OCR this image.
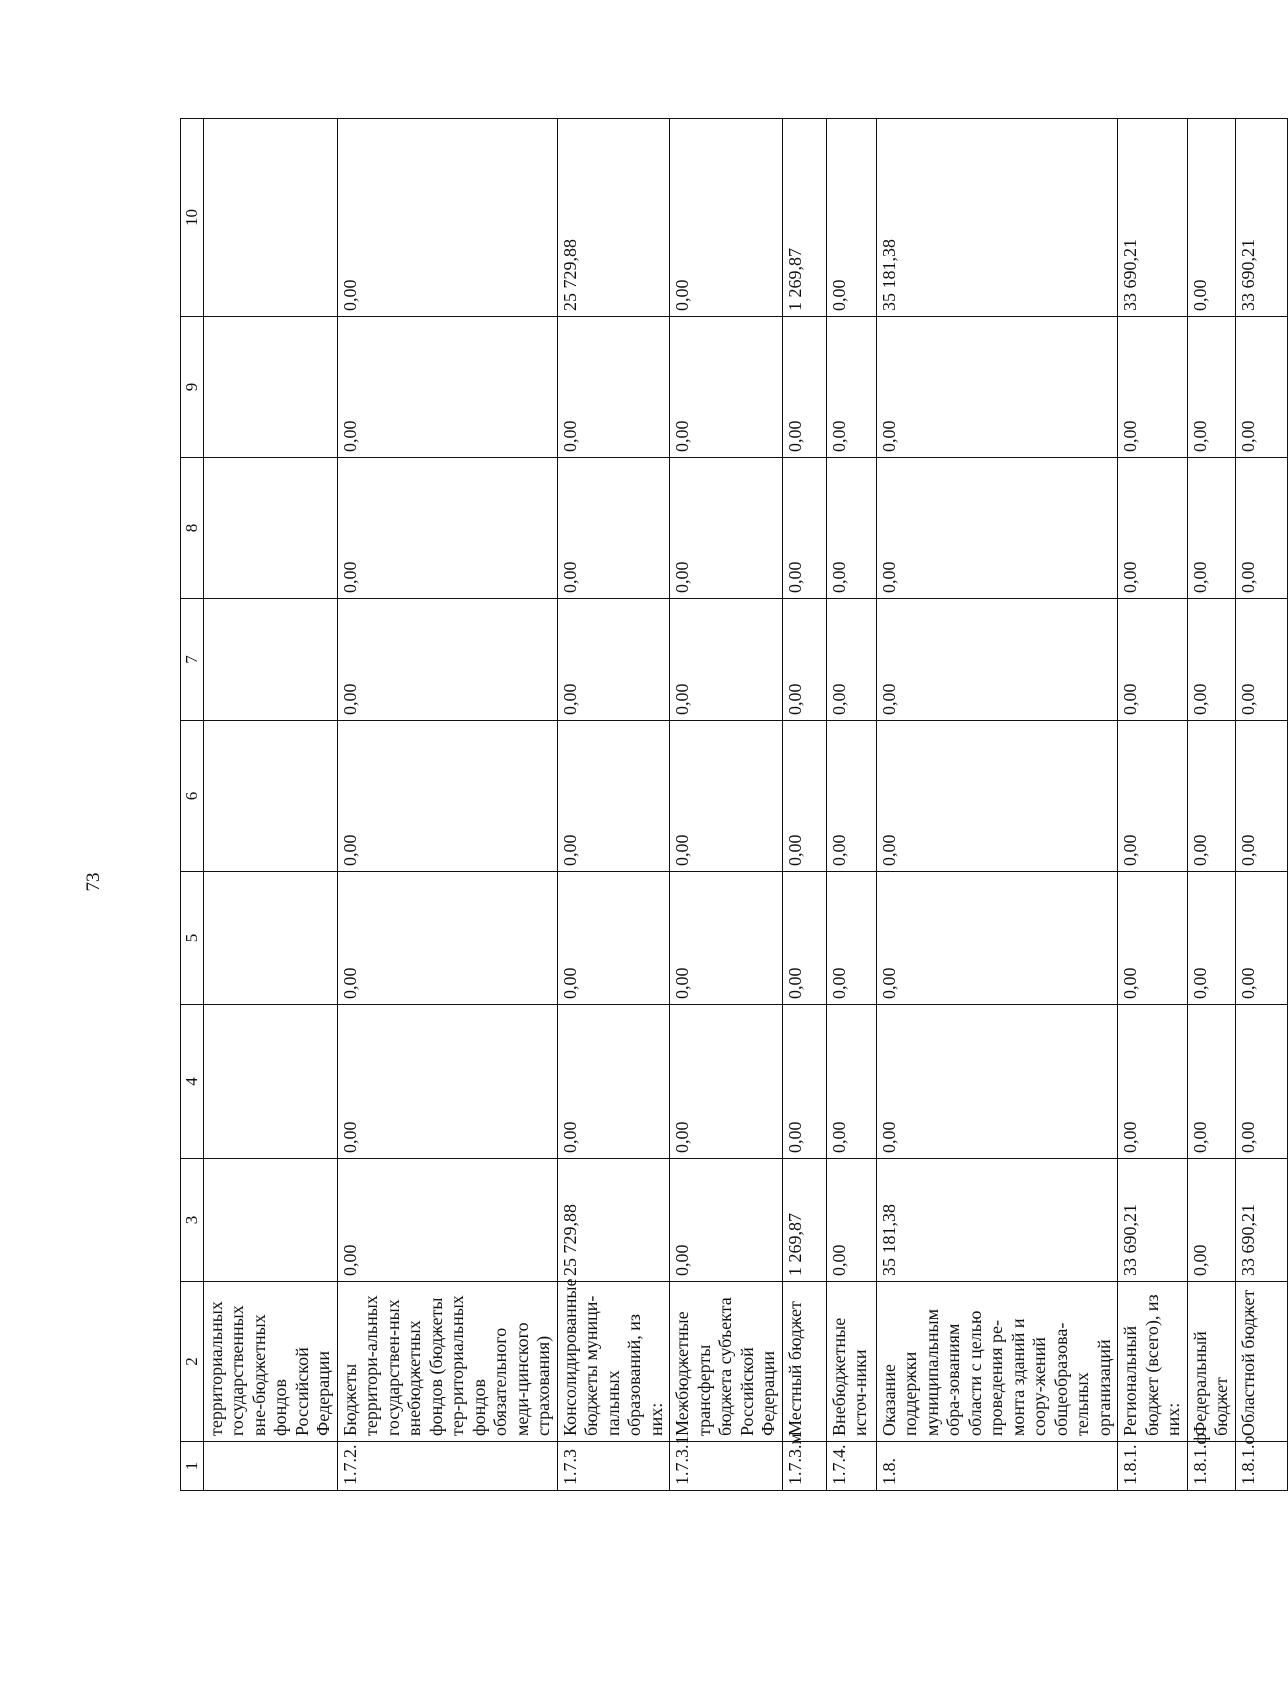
73
1	2	3	4	5	6	7	8	9	10
	территориальных государственных вне-бюджетных фондов Российской Федерации								
1.7.2.	Бюджеты территори-альных государствен-ных внебюджетных фондов (бюджеты тер-риториальных фондов обязательного меди-цинского страхования)	0,00	0,00	0,00	0,00	0,00	0,00	0,00	0,00
1.7.3	Консолидированные бюджеты муници-пальных образований, из них:	25 729,88	0,00	0,00	0,00	0,00	0,00	0,00	25 729,88
1.7.3.1	Межбюджетные трансферты бюджета субъекта Российской Федерации	0,00	0,00	0,00	0,00	0,00	0,00	0,00	0,00
1.7.3.м	Местный бюджет	1 269,87	0,00	0,00	0,00	0,00	0,00	0,00	1 269,87
1.7.4.	Внебюджетные источ-ники	0,00	0,00	0,00	0,00	0,00	0,00	0,00	0,00
1.8.	Оказание поддержки муниципальным обра-зованиям области с целью проведения ре-монта зданий и соору-жений общеобразова-тельных организаций	35 181,38	0,00	0,00	0,00	0,00	0,00	0,00	35 181,38
1.8.1.	Региональный бюджет (всего), из них:	33 690,21	0,00	0,00	0,00	0,00	0,00	0,00	33 690,21
1.8.1.ф	Федеральный бюджет	0,00	0,00	0,00	0,00	0,00	0,00	0,00	0,00
1.8.1.о	Областной бюджет	33 690,21	0,00	0,00	0,00	0,00	0,00	0,00	33 690,21
